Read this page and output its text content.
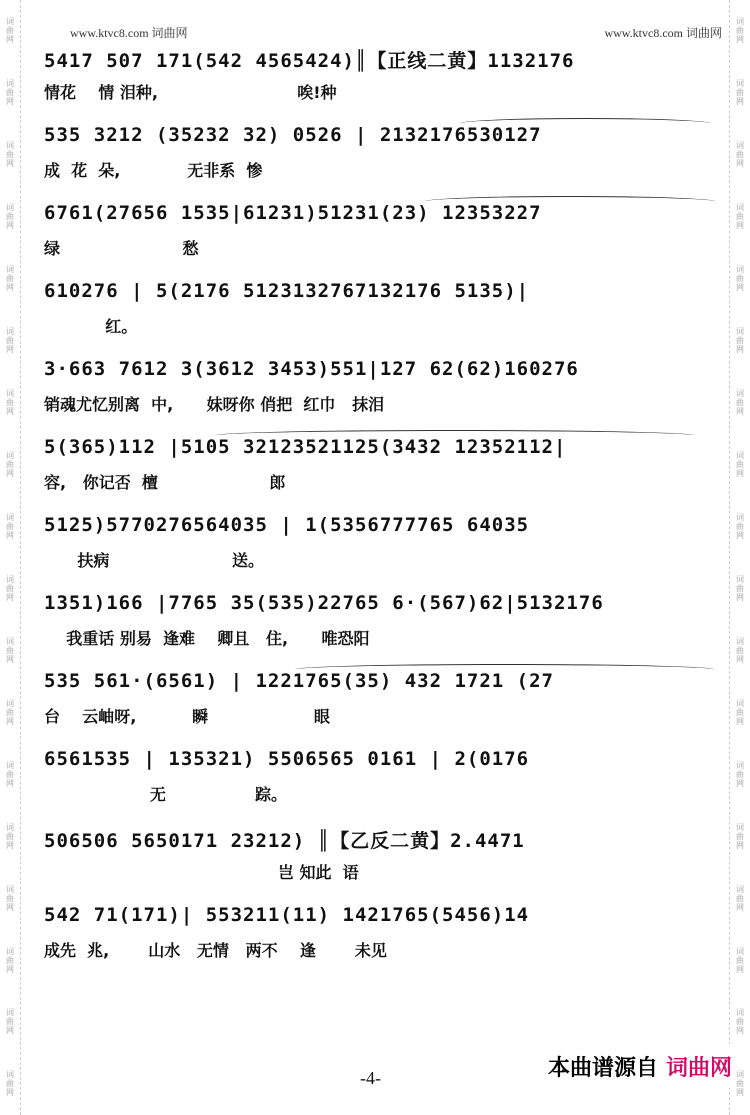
词曲网
词曲网
词曲网
词曲网
词曲网
词曲网
词曲网
词曲网
词曲网
词曲网
词曲网
词曲网
词曲网
词曲网
词曲网
词曲网
词曲网
词曲网
词曲网
词曲网
词曲网
词曲网
词曲网
词曲网
词曲网
词曲网
词曲网
词曲网
词曲网
词曲网
词曲网
词曲网
词曲网
词曲网
词曲网
词曲网
www.ktvc8.com 词曲网	www.ktvc8.com 词曲网
5417 507 171(542 4565424)║【正线二黄】1132176
情花    情 泪种,                         唉!种
535 3212 (35232 32) 0526 | 2132176530127
成  花  朵,            无非系  惨
6761(27656 1535|61231)51231(23) 12353227
绿                      愁
610276 | 5(2176 5123132767132176 5135)|
红。
3·663 7612 3(3612 3453)551|127 62(62)160276
销魂尤忆别离  中,      妹呀你 俏把  红巾   抹泪
5(365)112 |5105 32123521125(3432 12352112|
容,   你记否  檀                    郎
5125)5770276564035 | 1(5356777765 64035
扶病                      送。
1351)166 |7765 35(535)22765 6·(567)62|5132176
我重话 别易  逢难    卿且   住,      唯恐阳
535 561·(6561) | 1221765(35) 432 1721 (27
台    云岫呀,          瞬                   眼
6561535 | 135321) 5506565 0161 | 2(0176
无                踪。
506506 5650171 23212) ║【乙反二黄】2.4471
岂 知此  语
542 71(171)| 553211(11) 1421765(5456)14
成先  兆,       山水   无情   两不    逢       未见
-4-	本曲谱源自 词曲网
